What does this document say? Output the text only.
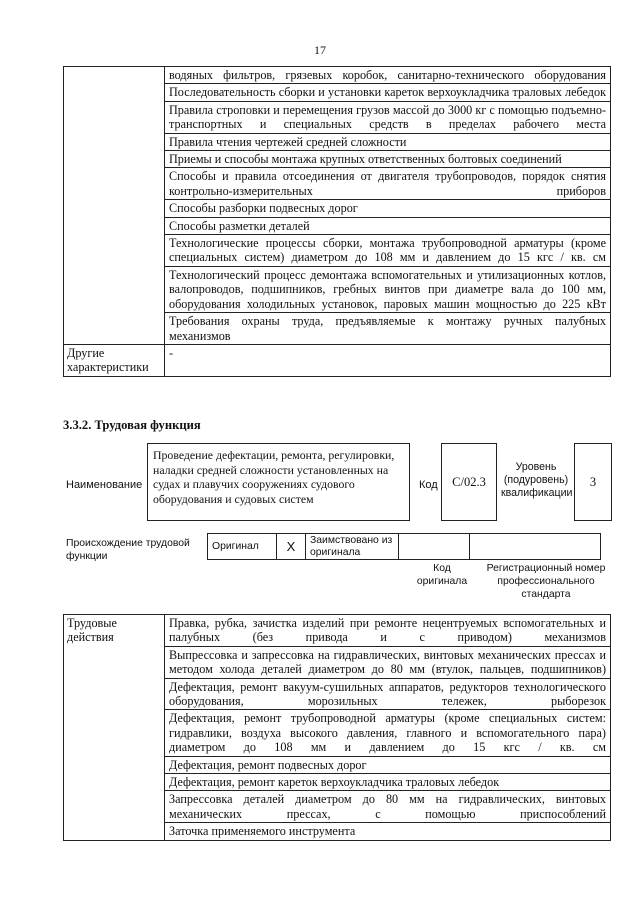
17
	водяных фильтров, грязевых коробок, санитарно-технического оборудования
	Последовательность сборки и установки кареток верхоукладчика траловых лебедок
	Правила строповки и перемещения грузов массой до 3000 кг с помощью подъемно-транспортных и специальных средств в пределах рабочего места
	Правила чтения чертежей средней сложности
	Приемы и способы монтажа крупных ответственных болтовых соединений
	Способы и правила отсоединения от двигателя трубопроводов, порядок снятия контрольно-измерительных приборов
	Способы разборки подвесных дорог
	Способы разметки деталей
	Технологические процессы сборки, монтажа трубопроводной арматуры (кроме специальных систем) диаметром до 108 мм и давлением до 15 кгс / кв. см
	Технологический процесс демонтажа вспомогательных и утилизационных котлов, валопроводов, подшипников, гребных винтов при диаметре вала до 100 мм, оборудования холодильных установок, паровых машин мощностью до 225 кВт
	Требования охраны труда, предъявляемые к монтажу ручных палубных механизмов
Другие характеристики	-
3.3.2. Трудовая функция
Наименование
Проведение дефектации, ремонта, регулировки, наладки средней сложности установленных на судах и плавучих сооружениях судового оборудования и судовых систем
Код C/02.3
Уровень (подуровень) квалификации
3
Происхождение трудовой функции
Оригинал	X	Заимствовано из оригинала		
Код оригинала
Регистрационный номер профессионального стандарта
Трудовые действия	Правка, рубка, зачистка изделий при ремонте нецентруемых вспомогательных и палубных (без привода и с приводом) механизмов
Выпрессовка и запрессовка на гидравлических, винтовых механических прессах и методом холода деталей диаметром до 80 мм (втулок, пальцев, подшипников)
Дефектация, ремонт вакуум-сушильных аппаратов, редукторов технологического оборудования, морозильных тележек, рыборезок
Дефектация, ремонт трубопроводной арматуры (кроме специальных систем: гидравлики, воздуха высокого давления, главного и вспомогательного пара) диаметром до 108 мм и давлением до 15 кгс / кв. см
Дефектация, ремонт подвесных дорог
Дефектация, ремонт кареток верхоукладчика траловых лебедок
Запрессовка деталей диаметром до 80 мм на гидравлических, винтовых механических прессах, с помощью приспособлений
Заточка применяемого инструмента
